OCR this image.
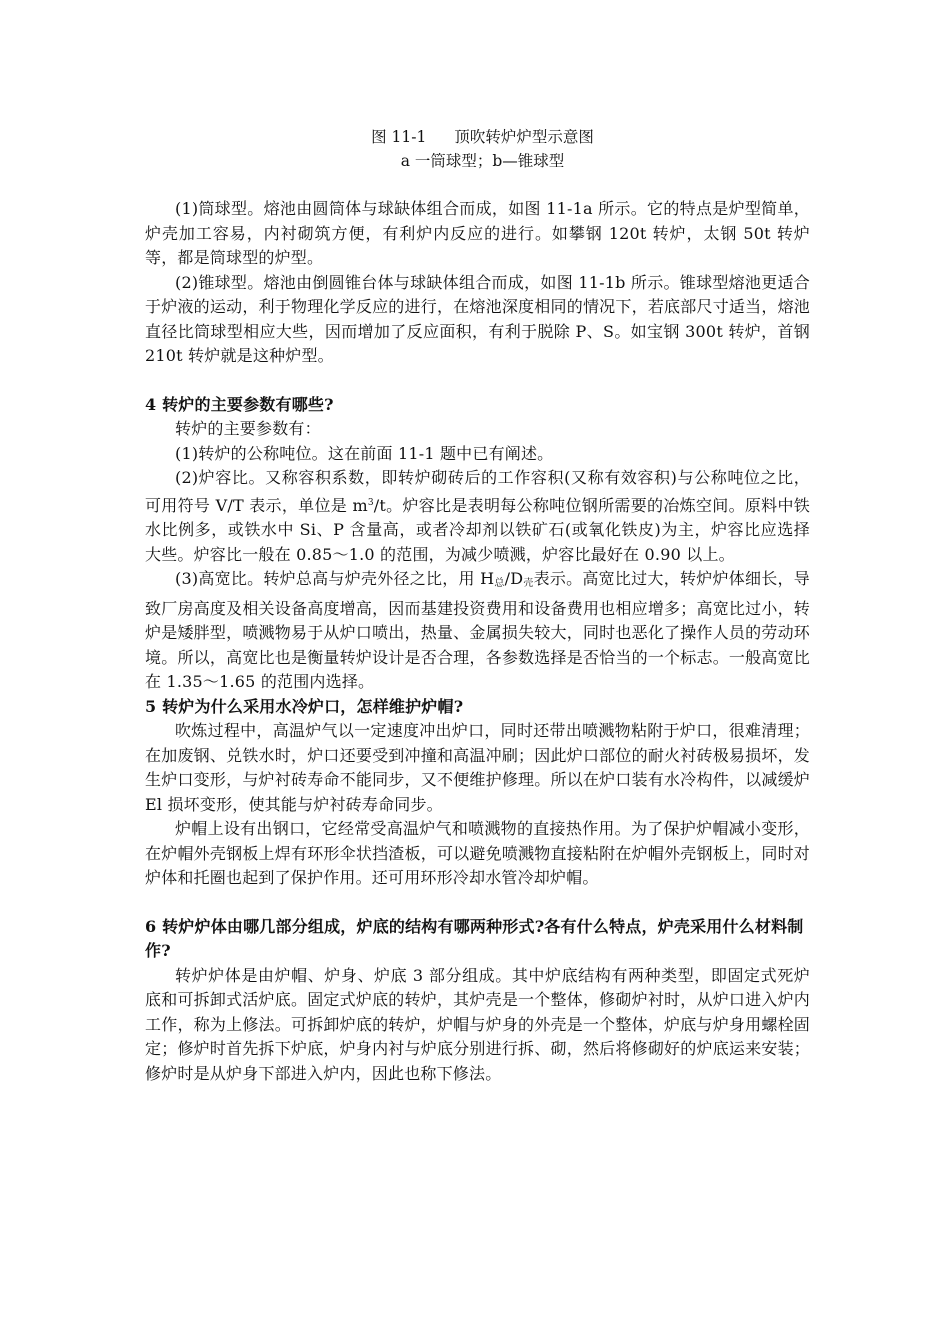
图 11-1 顶吹转炉炉型示意图
a 一筒球型；b—锥球型

(1)筒球型。熔池由圆筒体与球缺体组合而成，如图 11-1a 所示。它的特点是炉型简单，炉壳加工容易，内衬砌筑方便，有利炉内反应的进行。如攀钢 120t 转炉，太钢 50t 转炉等，都是筒球型的炉型。

(2)锥球型。熔池由倒圆锥台体与球缺体组合而成，如图 11-1b 所示。锥球型熔池更适合于炉液的运动，利于物理化学反应的进行，在熔池深度相同的情况下，若底部尺寸适当，熔池直径比筒球型相应大些，因而增加了反应面积，有利于脱除 P、S。如宝钢 300t 转炉，首钢 210t 转炉就是这种炉型。

4 转炉的主要参数有哪些?

转炉的主要参数有：

(1)转炉的公称吨位。这在前面 11-1 题中已有阐述。

(2)炉容比。又称容积系数，即转炉砌砖后的工作容积(又称有效容积)与公称吨位之比，可用符号 V/T 表示，单位是 $m^3/t$。炉容比是表明每公称吨位钢所需要的冶炼空间。原料中铁水比例多，或铁水中 Si、P 含量高，或者冷却剂以铁矿石(或氧化铁皮)为主，炉容比应选择大些。炉容比一般在 0.85～1.0 的范围，为减少喷溅，炉容比最好在 0.90 以上。

(3)高宽比。转炉总高与炉壳外径之比，用 $H_总/D_壳$表示。高宽比过大，转炉炉体细长，导致厂房高度及相关设备高度增高，因而基建投资费用和设备费用也相应增多；高宽比过小，转炉是矮胖型，喷溅物易于从炉口喷出，热量、金属损失较大，同时也恶化了操作人员的劳动环境。所以，高宽比也是衡量转炉设计是否合理，各参数选择是否恰当的一个标志。一般高宽比在 1.35～1.65 的范围内选择。

5 转炉为什么采用水冷炉口，怎样维护炉帽?

吹炼过程中，高温炉气以一定速度冲出炉口，同时还带出喷溅物粘附于炉口，很难清理；在加废钢、兑铁水时，炉口还要受到冲撞和高温冲刷；因此炉口部位的耐火衬砖极易损坏，发生炉口变形，与炉衬砖寿命不能同步，又不便维护修理。所以在炉口装有水冷构件，以减缓炉 El 损坏变形，使其能与炉衬砖寿命同步。

炉帽上设有出钢口，它经常受高温炉气和喷溅物的直接热作用。为了保护炉帽减小变形，在炉帽外壳钢板上焊有环形伞状挡渣板，可以避免喷溅物直接粘附在炉帽外壳钢板上，同时对炉体和托圈也起到了保护作用。还可用环形冷却水管冷却炉帽。

6 转炉炉体由哪几部分组成，炉底的结构有哪两种形式?各有什么特点，炉壳采用什么材料制作?

转炉炉体是由炉帽、炉身、炉底 3 部分组成。其中炉底结构有两种类型，即固定式死炉底和可拆卸式活炉底。固定式炉底的转炉，其炉壳是一个整体，修砌炉衬时，从炉口进入炉内工作，称为上修法。可拆卸炉底的转炉，炉帽与炉身的外壳是一个整体，炉底与炉身用螺栓固定；修炉时首先拆下炉底，炉身内衬与炉底分别进行拆、砌，然后将修砌好的炉底运来安装；修炉时是从炉身下部进入炉内，因此也称下修法。
